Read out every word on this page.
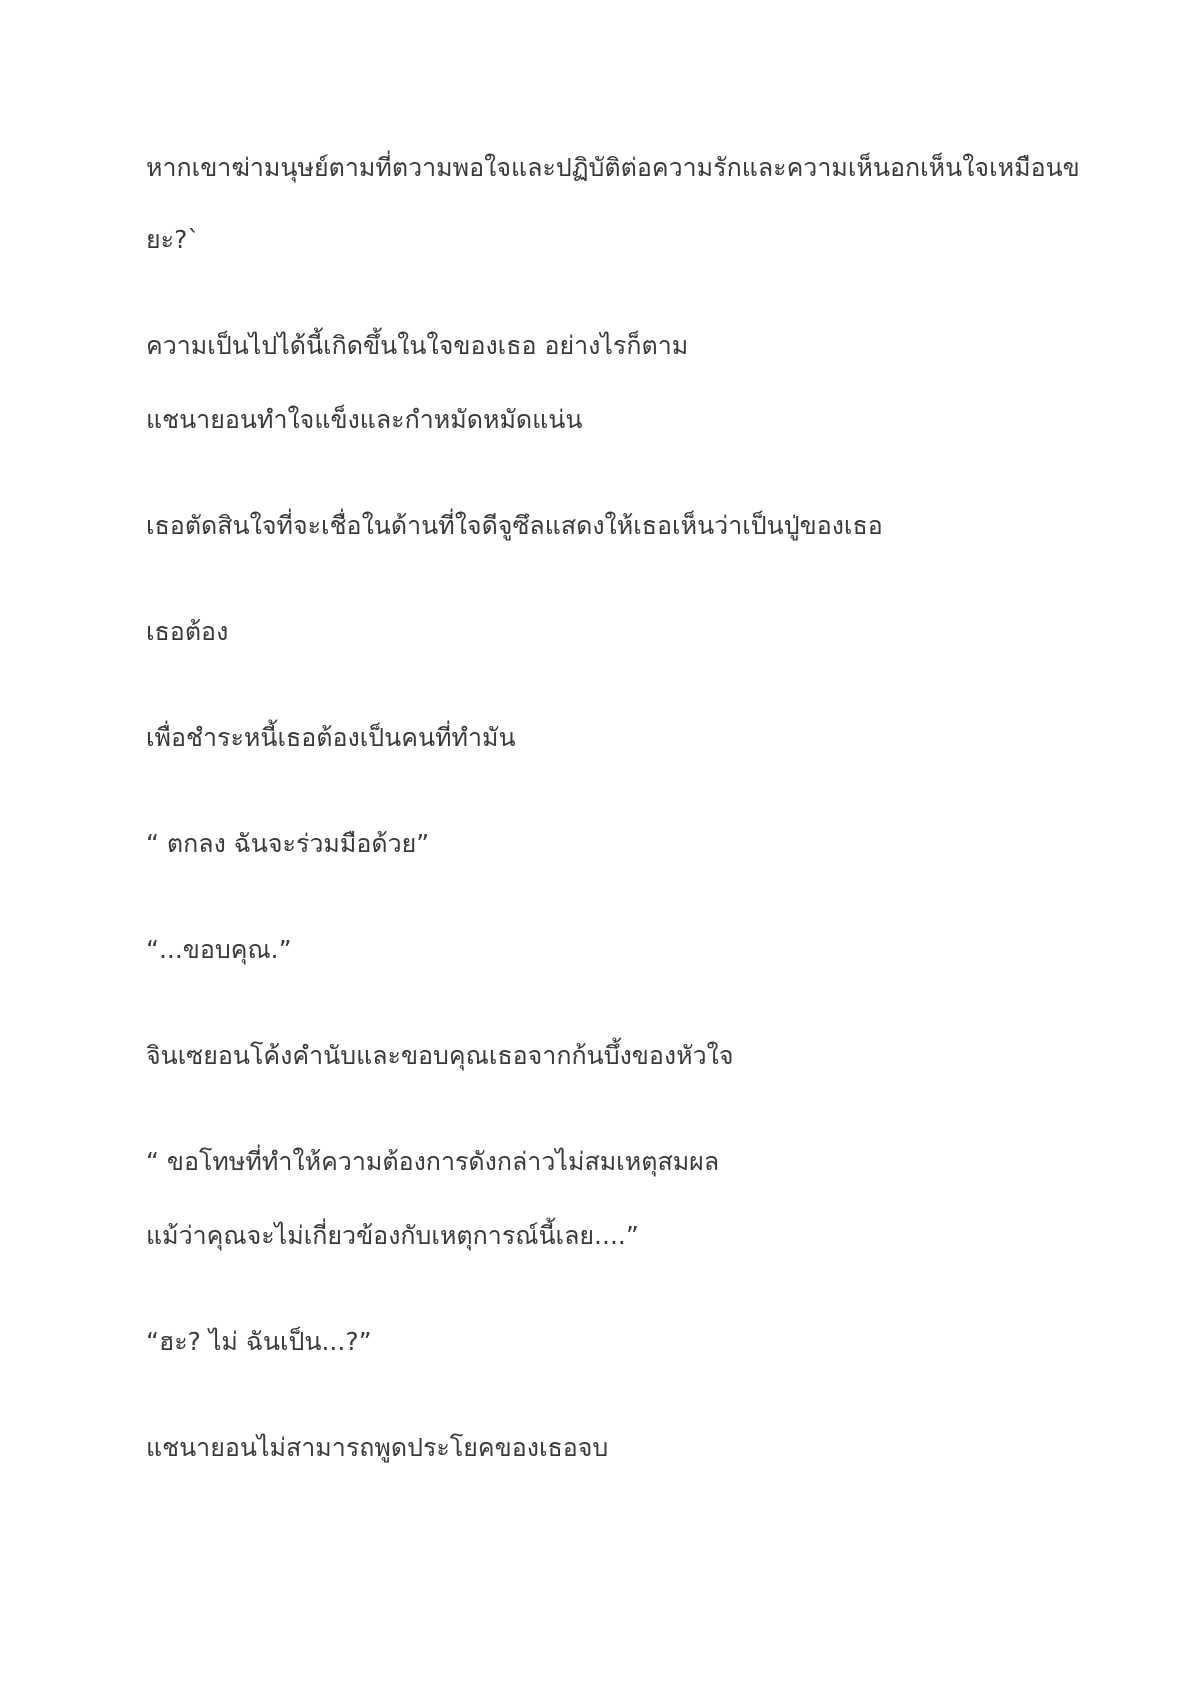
หากเขาฆ่ามนุษย์ตามที่ตวามพอใจและปฏิบัติต่อความรักและความเห็นอกเห็นใจเหมือนข
ยะ?`
ความเป็นไปได้นี้เกิดขึ้นในใจของเธอ อย่างไรก็ตาม
แชนายอนทำใจแข็งและกำหมัดหมัดแน่น
เธอตัดสินใจที่จะเชื่อในด้านที่ใจดีจูซึลแสดงให้เธอเห็นว่าเป็นปู่ของเธอ
เธอต้อง
เพื่อชำระหนี้เธอต้องเป็นคนที่ทำมัน
“ ตกลง ฉันจะร่วมมือด้วย”
“...ขอบคุณ.”
จินเซยอนโค้งคำนับและขอบคุณเธอจากก้นบึ้งของหัวใจ
“ ขอโทษที่ทำให้ความต้องการดังกล่าวไม่สมเหตุสมผล
แม้ว่าคุณจะไม่เกี่ยวข้องกับเหตุการณ์นี้เลย....”
“ฮะ? ไม่ ฉันเป็น...?”
แชนายอนไม่สามารถพูดประโยคของเธอจบ
